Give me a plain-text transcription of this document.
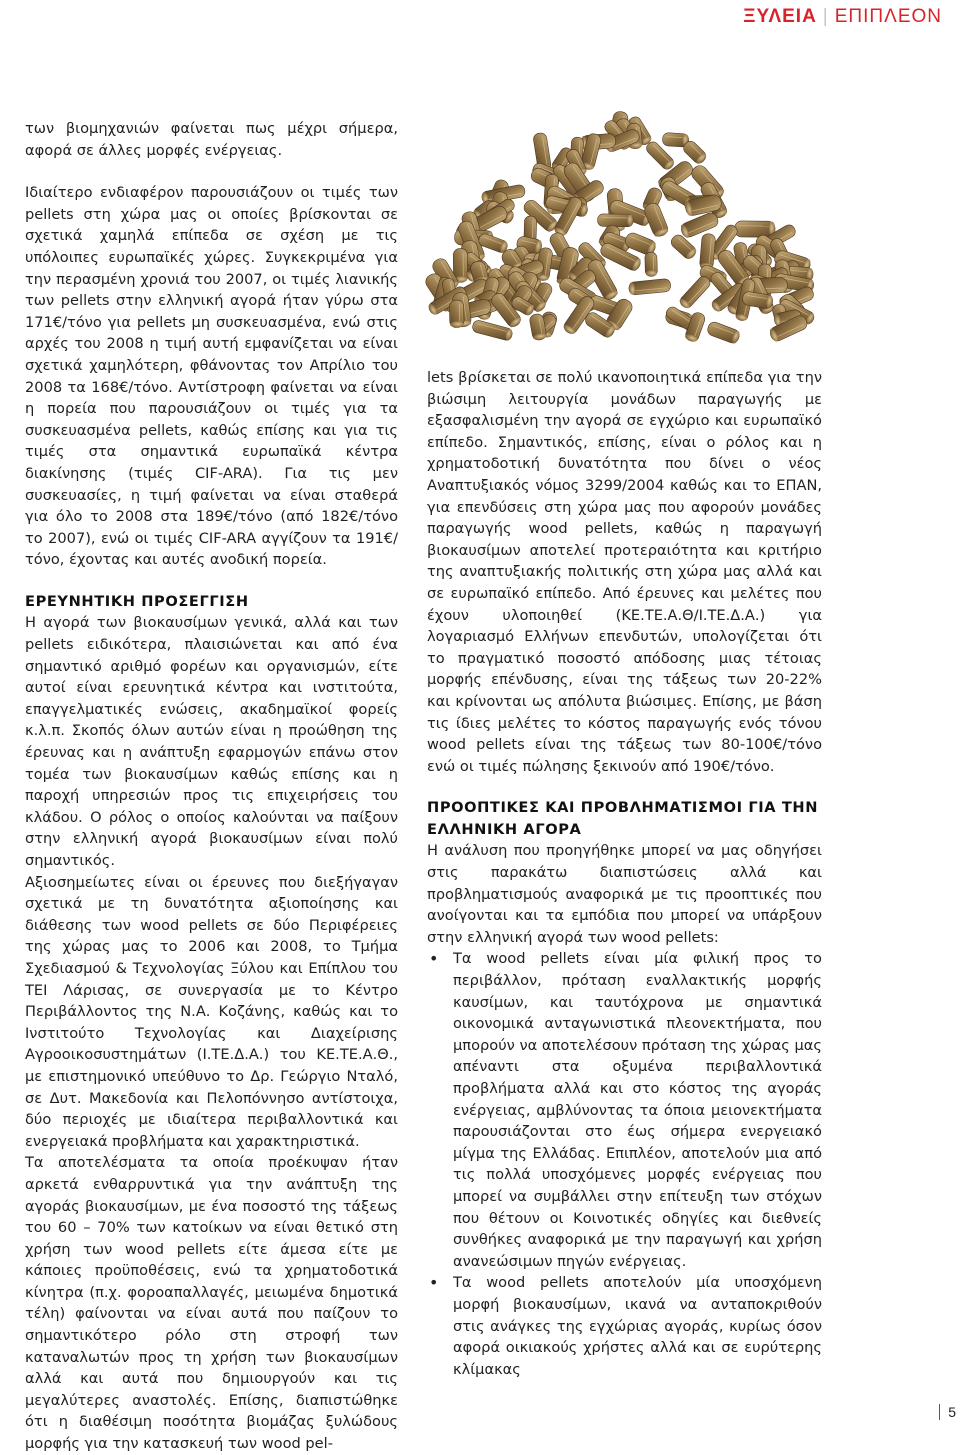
ΞΥΛΕΙΑ | ΕΠΙΠΛΕΟΝ

των βιομηχανιών φαίνεται πως μέχρι σήμερα, αφορά σε άλλες μορφές ενέργειας.

Ιδιαίτερο ενδιαφέρον παρουσιάζουν οι τιμές των pellets στη χώρα μας οι οποίες βρίσκονται σε σχετικά χαμηλά επίπεδα σε σχέση με τις υπόλοιπες ευρωπαϊκές χώρες. Συγκεκριμένα για την περασμένη χρονιά του 2007, οι τιμές λιανικής των pellets στην ελληνική αγορά ήταν γύρω στα 171€/τόνο για pellets μη συσκευασμένα, ενώ στις αρχές του 2008 η τιμή αυτή εμφανίζεται να είναι σχετικά χαμηλότερη, φθάνοντας τον Απρίλιο του 2008 τα 168€/τόνο. Αντίστροφη φαίνεται να είναι η πορεία που παρουσιάζουν οι τιμές για τα συσκευασμένα pellets, καθώς επίσης και για τις τιμές στα σημαντικά ευρωπαϊκά κέντρα διακίνησης (τιμές CIF-ARA). Για τις μεν συσκευασίες, η τιμή φαίνεται να είναι σταθερά για όλο το 2008 στα 189€/τόνο (από 182€/τόνο το 2007), ενώ οι τιμές CIF-ARA αγγίζουν τα 191€/τόνο, έχοντας και αυτές ανοδική πορεία.

ΕΡΕΥΝΗΤΙΚΗ ΠΡΟΣΕΓΓΙΣΗ

Η αγορά των βιοκαυσίμων γενικά, αλλά και των pellets ειδικότερα, πλαισιώνεται και από ένα σημαντικό αριθμό φορέων και οργανισμών, είτε αυτοί είναι ερευνητικά κέντρα και ινστιτούτα, επαγγελματικές ενώσεις, ακαδημαϊκοί φορείς κ.λ.π. Σκοπός όλων αυτών είναι η προώθηση της έρευνας και η ανάπτυξη εφαρμογών επάνω στον τομέα των βιοκαυσίμων καθώς επίσης και η παροχή υπηρεσιών προς τις επιχειρήσεις του κλάδου. Ο ρόλος ο οποίος καλούνται να παίξουν στην ελληνική αγορά βιοκαυσίμων είναι πολύ σημαντικός.

Αξιοσημείωτες είναι οι έρευνες που διεξήγαγαν σχετικά με τη δυνατότητα αξιοποίησης και διάθεσης των wood pellets σε δύο Περιφέρειες της χώρας μας το 2006 και 2008, το Τμήμα Σχεδιασμού & Τεχνολογίας Ξύλου και Επίπλου του ΤΕΙ Λάρισας, σε συνεργασία με το Κέντρο Περιβάλλοντος της Ν.Α. Κοζάνης, καθώς και το Ινστιτούτο Τεχνολογίας και Διαχείρισης Αγροοικοσυστημάτων (Ι.ΤΕ.Δ.Α.) του ΚΕ.ΤΕ.Α.Θ., με επιστημονικό υπεύθυνο το Δρ. Γεώργιο Νταλό, σε Δυτ. Μακεδονία και Πελοπόννησο αντίστοιχα, δύο περιοχές με ιδιαίτερα περιβαλλοντικά και ενεργειακά προβλήματα και χαρακτηριστικά.

Τα αποτελέσματα τα οποία προέκυψαν ήταν αρκετά ενθαρρυντικά για την ανάπτυξη της αγοράς βιοκαυσίμων, με ένα ποσοστό της τάξεως του 60 – 70% των κατοίκων να είναι θετικό στη χρήση των wood pellets είτε άμεσα είτε με κάποιες προϋποθέσεις, ενώ τα χρηματοδοτικά κίνητρα (π.χ. φοροαπαλλαγές, μειωμένα δημοτικά τέλη) φαίνονται να είναι αυτά που παίζουν το σημαντικότερο ρόλο στη στροφή των καταναλωτών προς τη χρήση των βιοκαυσίμων αλλά και αυτά που δημιουργούν και τις μεγαλύτερες αναστολές. Επίσης, διαπιστώθηκε ότι η διαθέσιμη ποσότητα βιομάζας ξυλώδους μορφής για την κατασκευή των wood pel-

lets βρίσκεται σε πολύ ικανοποιητικά επίπεδα για την βιώσιμη λειτουργία μονάδων παραγωγής με εξασφαλισμένη την αγορά σε εγχώριο και ευρωπαϊκό επίπεδο. Σημαντικός, επίσης, είναι ο ρόλος και η χρηματοδοτική δυνατότητα που δίνει ο νέος Αναπτυξιακός νόμος 3299/2004 καθώς και το ΕΠΑΝ, για επενδύσεις στη χώρα μας που αφορούν μονάδες παραγωγής wood pellets, καθώς η παραγωγή βιοκαυσίμων αποτελεί προτεραιότητα και κριτήριο της αναπτυξιακής πολιτικής στη χώρα μας αλλά και σε ευρωπαϊκό επίπεδο. Από έρευνες και μελέτες που έχουν υλοποιηθεί (ΚΕ.ΤΕ.Α.Θ/Ι.ΤΕ.Δ.Α.) για λογαριασμό Ελλήνων επενδυτών, υπολογίζεται ότι το πραγματικό ποσοστό απόδοσης μιας τέτοιας μορφής επένδυσης, είναι της τάξεως των 20-22% και κρίνονται ως απόλυτα βιώσιμες. Επίσης, με βάση τις ίδιες μελέτες το κόστος παραγωγής ενός τόνου wood pellets είναι της τάξεως των 80-100€/τόνο ενώ οι τιμές πώλησης ξεκινούν από 190€/τόνο.

ΠΡΟΟΠΤΙΚΕΣ ΚΑΙ ΠΡΟΒΛΗΜΑΤΙΣΜΟΙ ΓΙΑ ΤΗΝ ΕΛΛΗΝΙΚΗ ΑΓΟΡΑ

Η ανάλυση που προηγήθηκε μπορεί να μας οδηγήσει στις παρακάτω διαπιστώσεις αλλά και προβληματισμούς αναφορικά με τις προοπτικές που ανοίγονται και τα εμπόδια που μπορεί να υπάρξουν στην ελληνική αγορά των wood pellets:

• Τα wood pellets είναι μία φιλική προς το περιβάλλον, πρόταση εναλλακτικής μορφής καυσίμων, και ταυτόχρονα με σημαντικά οικονομικά ανταγωνιστικά πλεονεκτήματα, που μπορούν να αποτελέσουν πρόταση της χώρας μας απέναντι στα οξυμένα περιβαλλοντικά προβλήματα αλλά και στο κόστος της αγοράς ενέργειας, αμβλύνοντας τα όποια μειονεκτήματα παρουσιάζονται στο έως σήμερα ενεργειακό μίγμα της Ελλάδας. Επιπλέον, αποτελούν μια από τις πολλά υποσχόμενες μορφές ενέργειας που μπορεί να συμβάλλει στην επίτευξη των στόχων που θέτουν οι Κοινοτικές οδηγίες και διεθνείς συνθήκες αναφορικά με την παραγωγή και χρήση ανανεώσιμων πηγών ενέργειας.
• Τα wood pellets αποτελούν μία υποσχόμενη μορφή βιοκαυσίμων, ικανά να ανταποκριθούν στις ανάγκες της εγχώριας αγοράς, κυρίως όσον αφορά οικιακούς χρήστες αλλά και σε ευρύτερης κλίμακας
5
